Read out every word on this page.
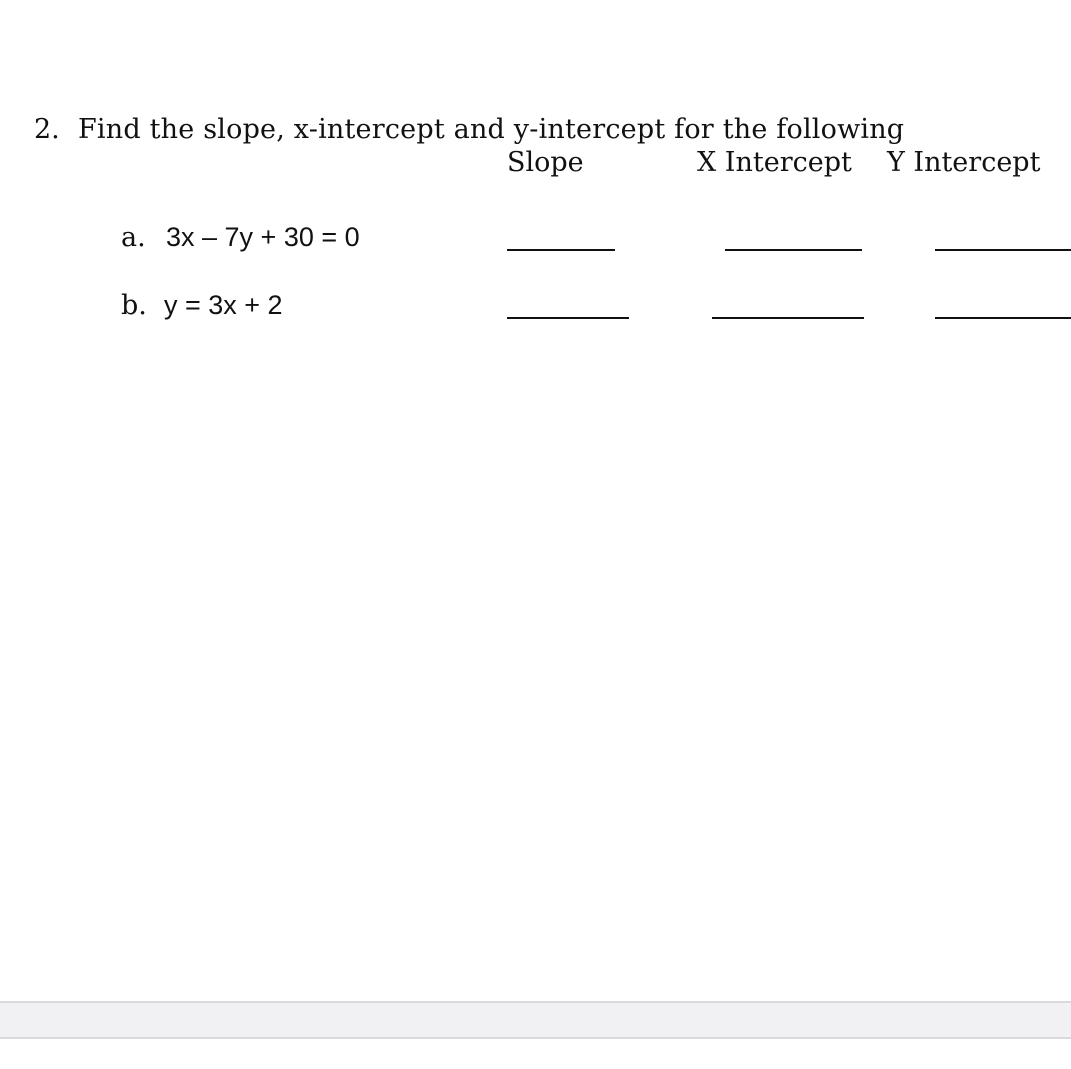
2. Find the slope, x-intercept and y-intercept for the following
Slope	X Intercept Y Intercept
a. 3x – 7y + 30 = 0
b. y = 3x + 2
